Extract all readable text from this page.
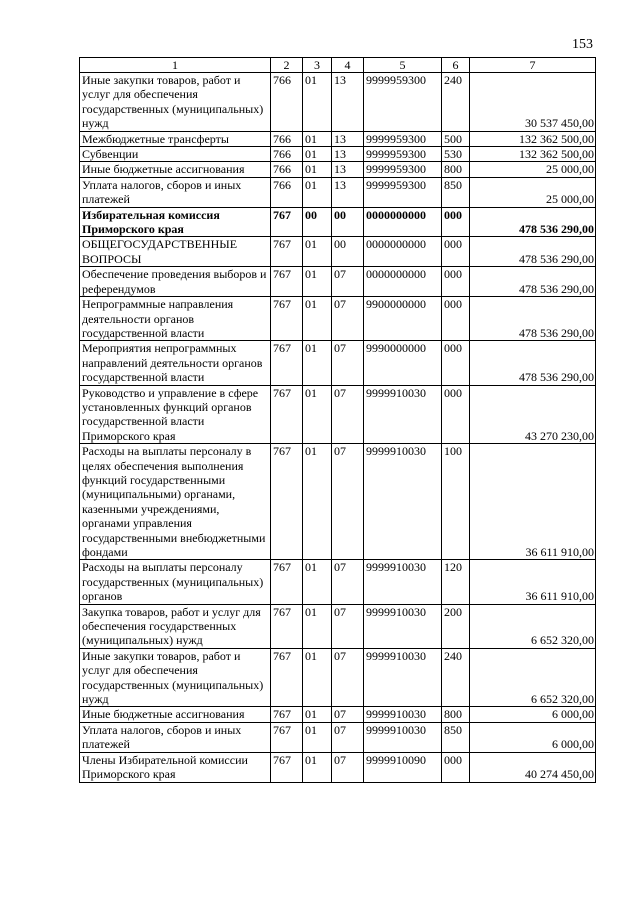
153
1	2	3	4	5	6	7
Иные закупки товаров, работ и услуг для обеспечения государственных (муниципальных) нужд	766	01	13	9999959300	240	30 537 450,00
Межбюджетные трансферты	766	01	13	9999959300	500	132 362 500,00
Субвенции	766	01	13	9999959300	530	132 362 500,00
Иные бюджетные ассигнования	766	01	13	9999959300	800	25 000,00
Уплата налогов, сборов и иных платежей	766	01	13	9999959300	850	25 000,00
Избирательная комиссия Приморского края	767	00	00	0000000000	000	478 536 290,00
ОБЩЕГОСУДАРСТВЕННЫЕ ВОПРОСЫ	767	01	00	0000000000	000	478 536 290,00
Обеспечение проведения выборов и референдумов	767	01	07	0000000000	000	478 536 290,00
Непрограммные направления деятельности органов государственной власти	767	01	07	9900000000	000	478 536 290,00
Мероприятия непрограммных направлений деятельности органов государственной власти	767	01	07	9990000000	000	478 536 290,00
Руководство и управление в сфере установленных функций органов государственной власти Приморского края	767	01	07	9999910030	000	43 270 230,00
Расходы на выплаты персоналу в целях обеспечения выполнения функций государственными (муниципальными) органами, казенными учреждениями, органами управления государственными внебюджетными фондами	767	01	07	9999910030	100	36 611 910,00
Расходы на выплаты персоналу государственных (муниципальных) органов	767	01	07	9999910030	120	36 611 910,00
Закупка товаров, работ и услуг для обеспечения государственных (муниципальных) нужд	767	01	07	9999910030	200	6 652 320,00
Иные закупки товаров, работ и услуг для обеспечения государственных (муниципальных) нужд	767	01	07	9999910030	240	6 652 320,00
Иные бюджетные ассигнования	767	01	07	9999910030	800	6 000,00
Уплата налогов, сборов и иных платежей	767	01	07	9999910030	850	6 000,00
Члены Избирательной комиссии Приморского края	767	01	07	9999910090	000	40 274 450,00
